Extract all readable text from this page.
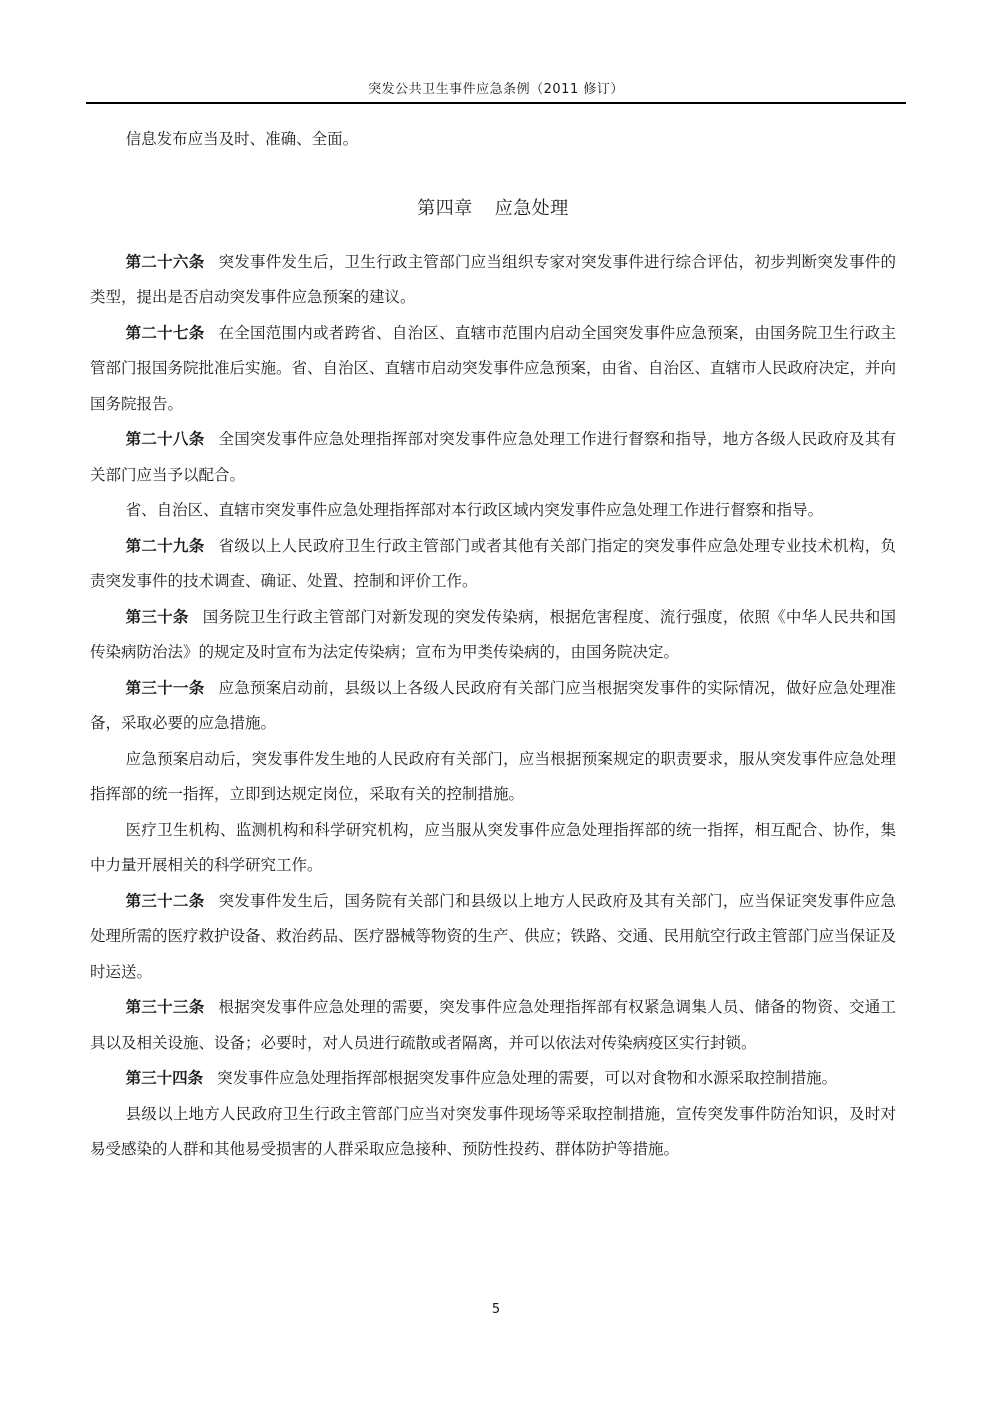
突发公共卫生事件应急条例（2011 修订）

信息发布应当及时、准确、全面。

第四章 应急处理

第二十六条 突发事件发生后，卫生行政主管部门应当组织专家对突发事件进行综合评估，初步判断突发事件的类型，提出是否启动突发事件应急预案的建议。

第二十七条 在全国范围内或者跨省、自治区、直辖市范围内启动全国突发事件应急预案，由国务院卫生行政主管部门报国务院批准后实施。省、自治区、直辖市启动突发事件应急预案，由省、自治区、直辖市人民政府决定，并向国务院报告。

第二十八条 全国突发事件应急处理指挥部对突发事件应急处理工作进行督察和指导，地方各级人民政府及其有关部门应当予以配合。

省、自治区、直辖市突发事件应急处理指挥部对本行政区域内突发事件应急处理工作进行督察和指导。

第二十九条 省级以上人民政府卫生行政主管部门或者其他有关部门指定的突发事件应急处理专业技术机构，负责突发事件的技术调查、确证、处置、控制和评价工作。

第三十条 国务院卫生行政主管部门对新发现的突发传染病，根据危害程度、流行强度，依照《中华人民共和国传染病防治法》的规定及时宣布为法定传染病；宣布为甲类传染病的，由国务院决定。

第三十一条 应急预案启动前，县级以上各级人民政府有关部门应当根据突发事件的实际情况，做好应急处理准备，采取必要的应急措施。

应急预案启动后，突发事件发生地的人民政府有关部门，应当根据预案规定的职责要求，服从突发事件应急处理指挥部的统一指挥，立即到达规定岗位，采取有关的控制措施。

医疗卫生机构、监测机构和科学研究机构，应当服从突发事件应急处理指挥部的统一指挥，相互配合、协作，集中力量开展相关的科学研究工作。

第三十二条 突发事件发生后，国务院有关部门和县级以上地方人民政府及其有关部门，应当保证突发事件应急处理所需的医疗救护设备、救治药品、医疗器械等物资的生产、供应；铁路、交通、民用航空行政主管部门应当保证及时运送。

第三十三条 根据突发事件应急处理的需要，突发事件应急处理指挥部有权紧急调集人员、储备的物资、交通工具以及相关设施、设备；必要时，对人员进行疏散或者隔离，并可以依法对传染病疫区实行封锁。

第三十四条 突发事件应急处理指挥部根据突发事件应急处理的需要，可以对食物和水源采取控制措施。

县级以上地方人民政府卫生行政主管部门应当对突发事件现场等采取控制措施，宣传突发事件防治知识，及时对易受感染的人群和其他易受损害的人群采取应急接种、预防性投药、群体防护等措施。

5
